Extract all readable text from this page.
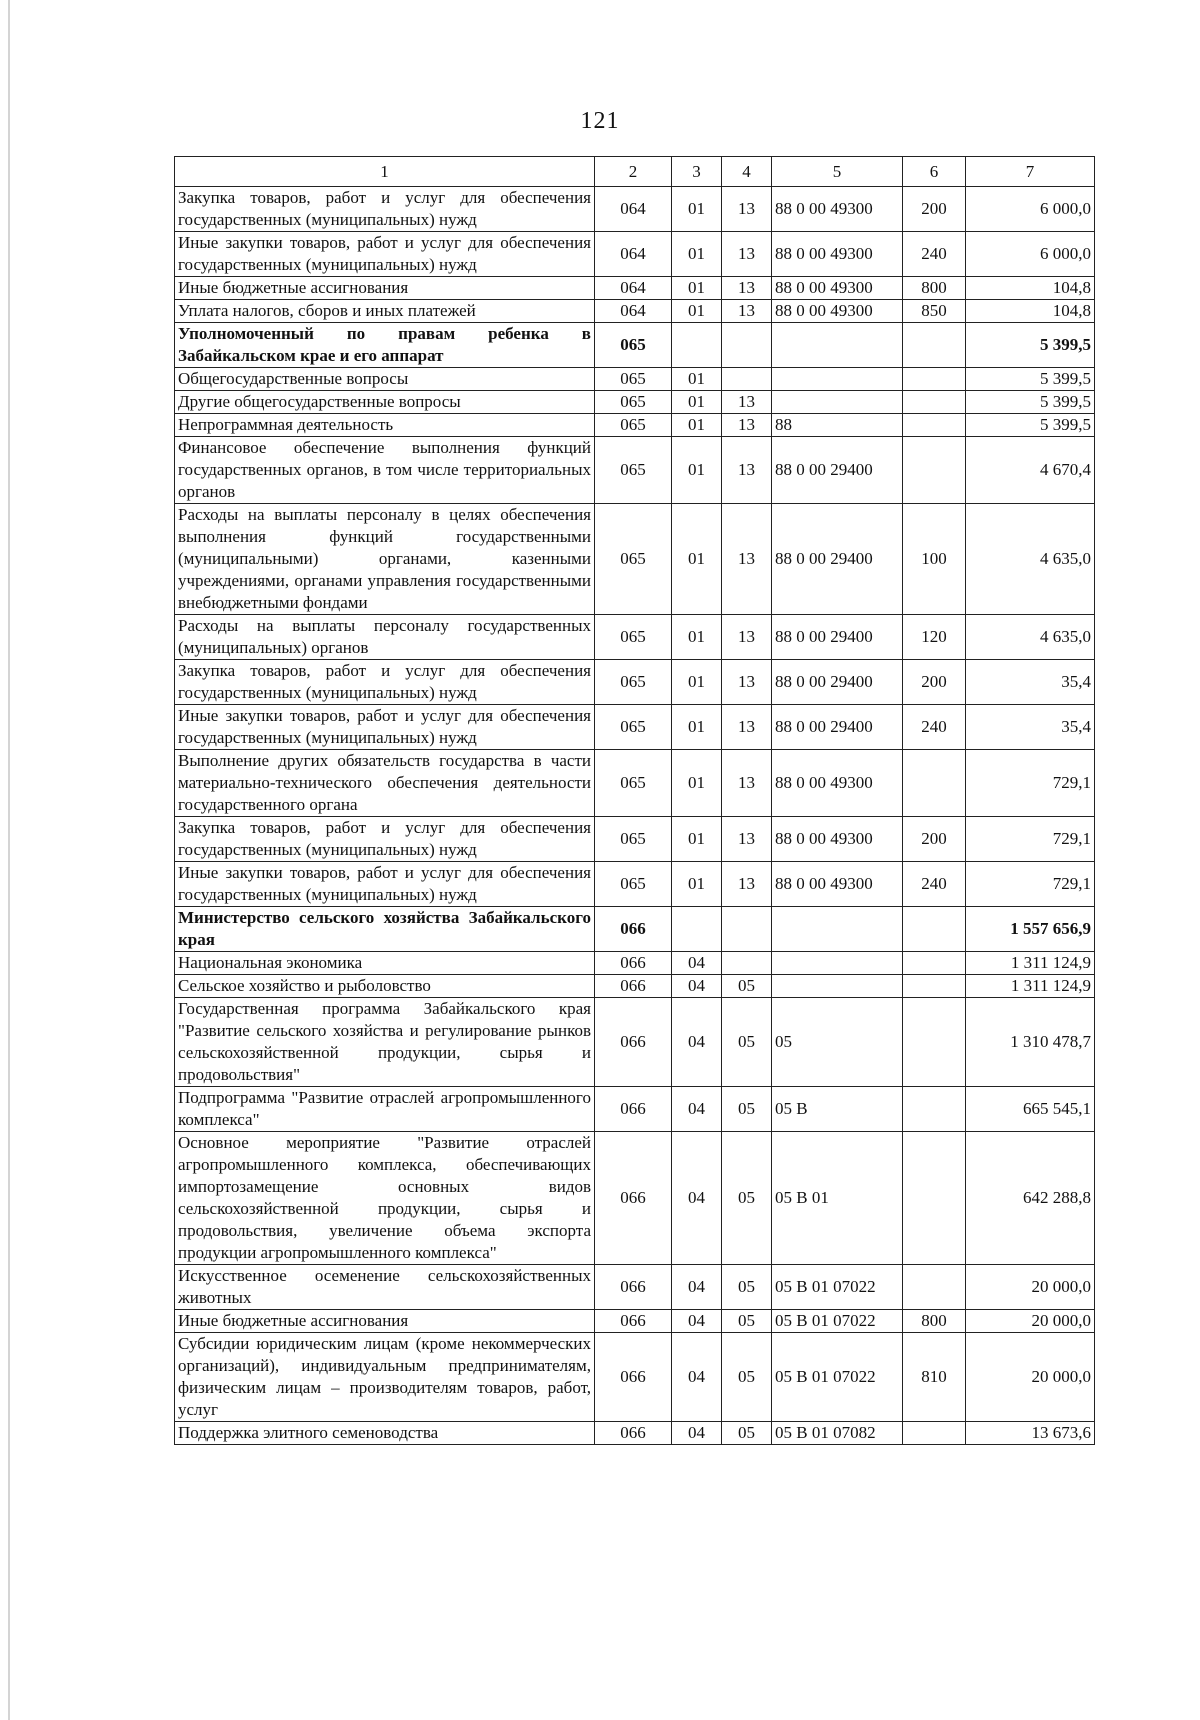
121
1	2	3	4	5	6	7
Закупка товаров, работ и услуг для обеспечения государственных (муниципальных) нужд	064	01	13	88 0 00 49300	200	6 000,0
Иные закупки товаров, работ и услуг для обеспечения государственных (муниципальных) нужд	064	01	13	88 0 00 49300	240	6 000,0
Иные бюджетные ассигнования	064	01	13	88 0 00 49300	800	104,8
Уплата налогов, сборов и иных платежей	064	01	13	88 0 00 49300	850	104,8
Уполномоченный по правам ребенка в Забайкальском крае и его аппарат	065					5 399,5
Общегосударственные вопросы	065	01				5 399,5
Другие общегосударственные вопросы	065	01	13			5 399,5
Непрограммная деятельность	065	01	13	88		5 399,5
Финансовое обеспечение выполнения функций государственных органов, в том числе территориальных органов	065	01	13	88 0 00 29400		4 670,4
Расходы на выплаты персоналу в целях обеспечения выполнения функций государственными (муниципальными) органами, казенными учреждениями, органами управления государственными внебюджетными фондами	065	01	13	88 0 00 29400	100	4 635,0
Расходы на выплаты персоналу государственных (муниципальных) органов	065	01	13	88 0 00 29400	120	4 635,0
Закупка товаров, работ и услуг для обеспечения государственных (муниципальных) нужд	065	01	13	88 0 00 29400	200	35,4
Иные закупки товаров, работ и услуг для обеспечения государственных (муниципальных) нужд	065	01	13	88 0 00 29400	240	35,4
Выполнение других обязательств государства в части материально-технического обеспечения деятельности государственного органа	065	01	13	88 0 00 49300		729,1
Закупка товаров, работ и услуг для обеспечения государственных (муниципальных) нужд	065	01	13	88 0 00 49300	200	729,1
Иные закупки товаров, работ и услуг для обеспечения государственных (муниципальных) нужд	065	01	13	88 0 00 49300	240	729,1
Министерство сельского хозяйства Забайкальского края	066					1 557 656,9
Национальная экономика	066	04				1 311 124,9
Сельское хозяйство и рыболовство	066	04	05			1 311 124,9
Государственная программа Забайкальского края "Развитие сельского хозяйства и регулирование рынков сельскохозяйственной продукции, сырья и продовольствия"	066	04	05	05		1 310 478,7
Подпрограмма "Развитие отраслей агропромышленного комплекса"	066	04	05	05 В		665 545,1
Основное мероприятие "Развитие отраслей агропромышленного комплекса, обеспечивающих импортозамещение основных видов сельскохозяйственной продукции, сырья и продовольствия, увеличение объема экспорта продукции агропромышленного комплекса"	066	04	05	05 В 01		642 288,8
Искусственное осеменение сельскохозяйственных животных	066	04	05	05 В 01 07022		20 000,0
Иные бюджетные ассигнования	066	04	05	05 В 01 07022	800	20 000,0
Субсидии юридическим лицам (кроме некоммерческих организаций), индивидуальным предпринимателям, физическим лицам – производителям товаров, работ, услуг	066	04	05	05 В 01 07022	810	20 000,0
Поддержка элитного семеноводства	066	04	05	05 В 01 07082		13 673,6
